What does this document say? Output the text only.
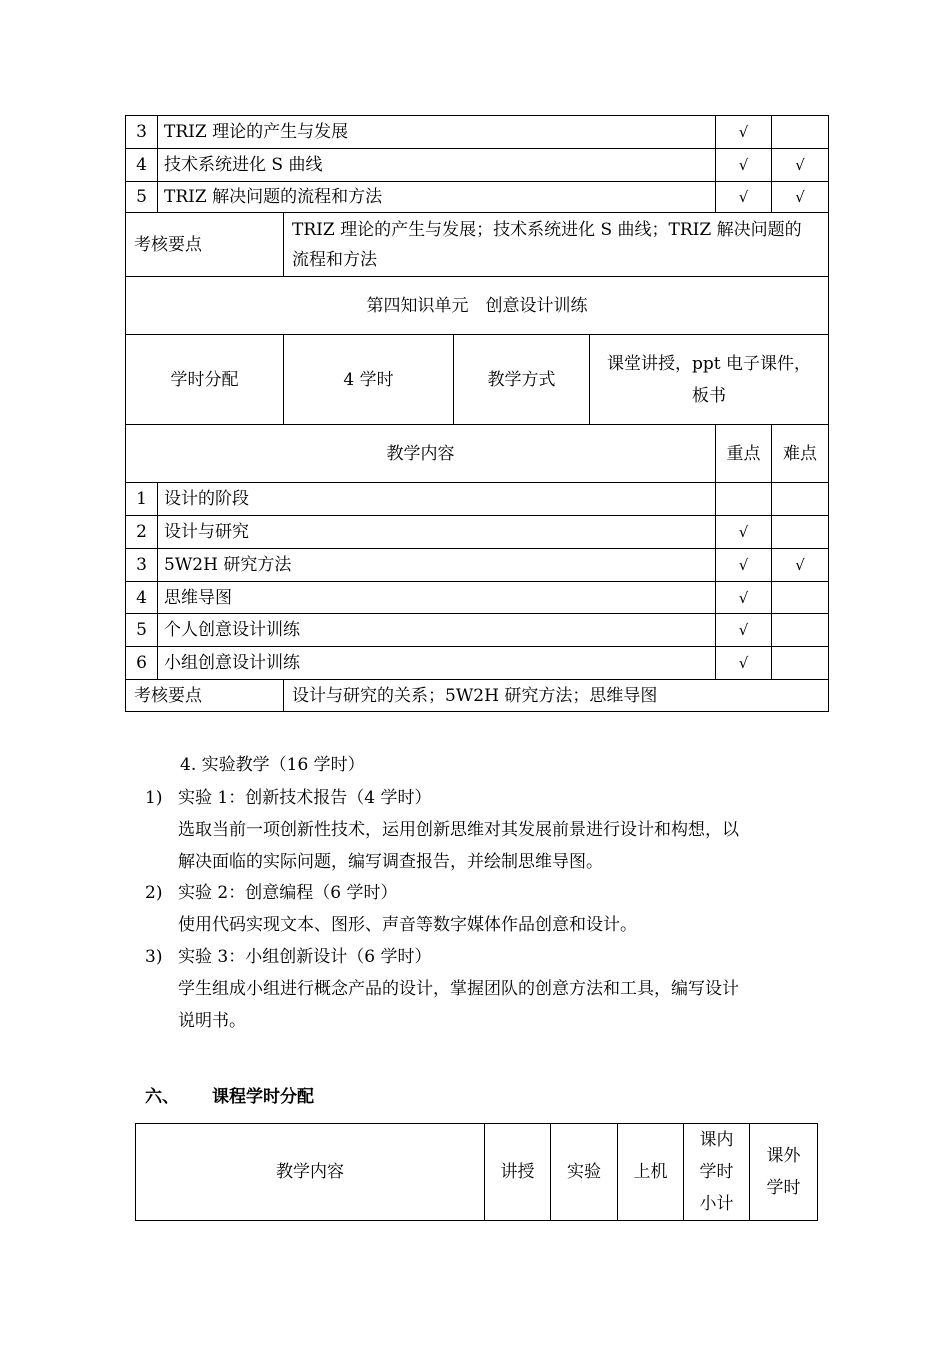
3	TRIZ 理论的产生与发展				√	
4	技术系统进化 S 曲线				√	√
5	TRIZ 解决问题的流程和方法				√	√
考核要点		TRIZ 理论的产生与发展；技术系统进化 S 曲线；TRIZ 解决问题的流程和方法				
第四知识单元　创意设计训练						
学时分配		4 学时	教学方式	课堂讲授，ppt 电子课件，板书		
教学内容					重点	难点
1	设计的阶段					
2	设计与研究				√	
3	5W2H 研究方法				√	√
4	思维导图				√	
5	个人创意设计训练				√	
6	小组创意设计训练				√	
考核要点		设计与研究的关系；5W2H 研究方法；思维导图				
4. 实验教学（16 学时）
1) 实验 1：创新技术报告（4 学时）
选取当前一项创新性技术，运用创新思维对其发展前景进行设计和构想，以
解决面临的实际问题，编写调查报告，并绘制思维导图。
2) 实验 2：创意编程（6 学时）
使用代码实现文本、图形、声音等数字媒体作品创意和设计。
3) 实验 3：小组创新设计（6 学时）
学生组成小组进行概念产品的设计，掌握团队的创意方法和工具，编写设计
说明书。
六、 课程学时分配
教学内容	讲授	实验	上机	课内学时小计	课外学时
